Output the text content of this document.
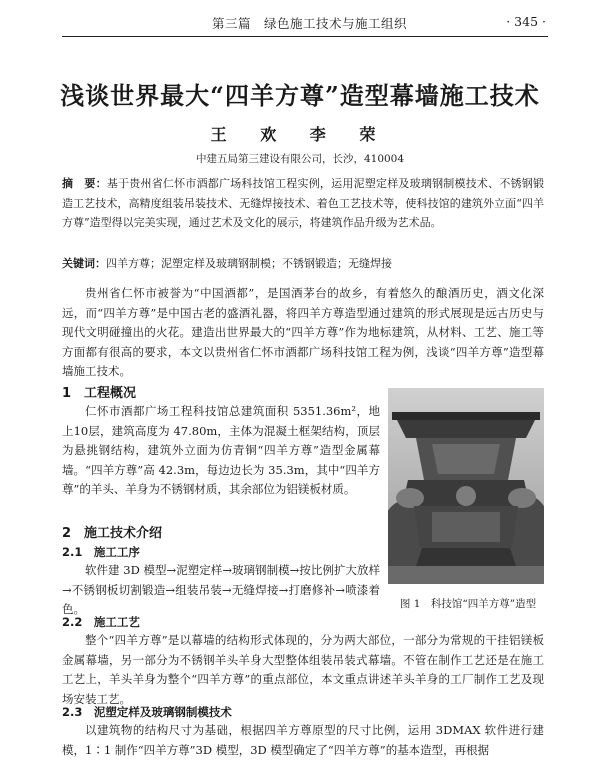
第三篇　绿色施工技术与施工组织	· 345 ·
浅谈世界最大“四羊方尊”造型幕墙施工技术
王 欢 李 荣
中建五局第三建设有限公司，长沙，410004
摘　要：基于贵州省仁怀市酒都广场科技馆工程实例，运用泥塑定样及玻璃钢制模技术、不锈钢锻造工艺技术，高精度组装吊装技术、无缝焊接技术、着色工艺技术等，使科技馆的建筑外立面“四羊方尊”造型得以完美实现，通过艺术及文化的展示，将建筑作品升级为艺术品。
关键词：四羊方尊；泥塑定样及玻璃钢制模；不锈钢锻造；无缝焊接
贵州省仁怀市被誉为“中国酒都”，是国酒茅台的故乡，有着悠久的酿酒历史，酒文化深远，而“四羊方尊”是中国古老的盛酒礼器，将四羊方尊造型通过建筑的形式展现是远古历史与现代文明碰撞出的火花。建造出世界最大的“四羊方尊”作为地标建筑，从材料、工艺、施工等方面都有很高的要求，本文以贵州省仁怀市酒都广场科技馆工程为例，浅谈“四羊方尊”造型幕墙施工技术。
1　工程概况
仁怀市酒都广场工程科技馆总建筑面积 5351.36m²，地上10层，建筑高度为 47.80m，主体为混凝土框架结构，顶层为悬挑钢结构，建筑外立面为仿青铜“四羊方尊”造型金属幕墙。“四羊方尊”高 42.3m，每边边长为 35.3m，其中“四羊方尊”的羊头、羊身为不锈钢材质，其余部位为铝镁板材质。
2　施工技术介绍
2.1　施工工序
软件建 3D 模型→泥塑定样→玻璃钢制模→按比例扩大放样→不锈钢板切割锻造→组装吊装→无缝焊接→打磨修补→喷漆着色。
2.2　施工工艺
整个“四羊方尊”是以幕墙的结构形式体现的，分为两大部位，一部分为常规的干挂铝镁板金属幕墙，另一部分为不锈钢羊头羊身大型整体组装吊装式幕墙。不管在制作工艺还是在施工工艺上，羊头羊身为整个“四羊方尊”的重点部位，本文重点讲述羊头羊身的工厂制作工艺及现场安装工艺。
2.3　泥塑定样及玻璃钢制模技术
以建筑物的结构尺寸为基础，根据四羊方尊原型的尺寸比例，运用 3DMAX 软件进行建模，1∶1 制作“四羊方尊”3D 模型，3D 模型确定了“四羊方尊”的基本造型，再根据
图 1　科技馆“四羊方尊”造型
